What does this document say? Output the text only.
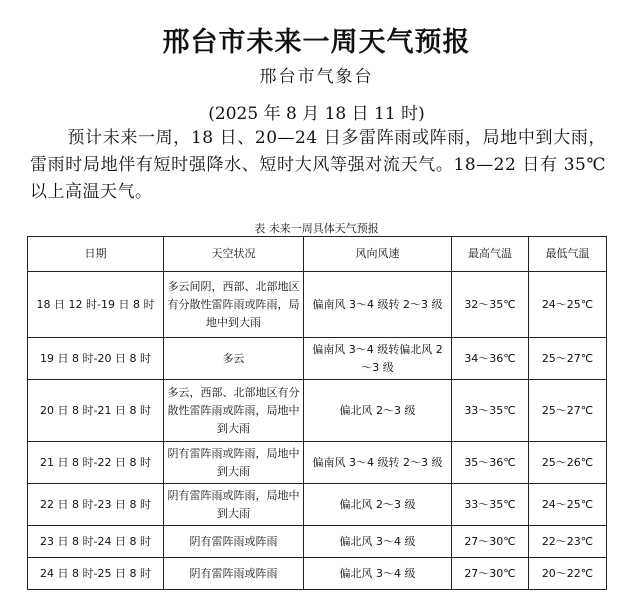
邢台市未来一周天气预报
邢台市气象台
(2025 年 8 月 18 日 11 时)
预计未来一周，18 日、20—24 日多雷阵雨或阵雨，局地中到大雨，雷雨时局地伴有短时强降水、短时大风等强对流天气。18—22 日有 35℃以上高温天气。
表 未来一周具体天气预报
日期	天空状况	风向风速	最高气温	最低气温
18 日 12 时-19 日 8 时	多云间阴，西部、北部地区有分散性雷阵雨或阵雨，局地中到大雨	偏南风 3～4 级转 2～3 级	32～35℃	24～25℃
19 日 8 时-20 日 8 时	多云	偏南风 3～4 级转偏北风 2～3 级	34～36℃	25～27℃
20 日 8 时-21 日 8 时	多云，西部、北部地区有分散性雷阵雨或阵雨，局地中到大雨	偏北风 2～3 级	33～35℃	25～27℃
21 日 8 时-22 日 8 时	阴有雷阵雨或阵雨，局地中到大雨	偏南风 3～4 级转 2～3 级	35～36℃	25～26℃
22 日 8 时-23 日 8 时	阴有雷阵雨或阵雨，局地中到大雨	偏北风 2～3 级	33～35℃	24～25℃
23 日 8 时-24 日 8 时	阴有雷阵雨或阵雨	偏北风 3～4 级	27～30℃	22～23℃
24 日 8 时-25 日 8 时	阴有雷阵雨或阵雨	偏北风 3～4 级	27～30℃	20～22℃
